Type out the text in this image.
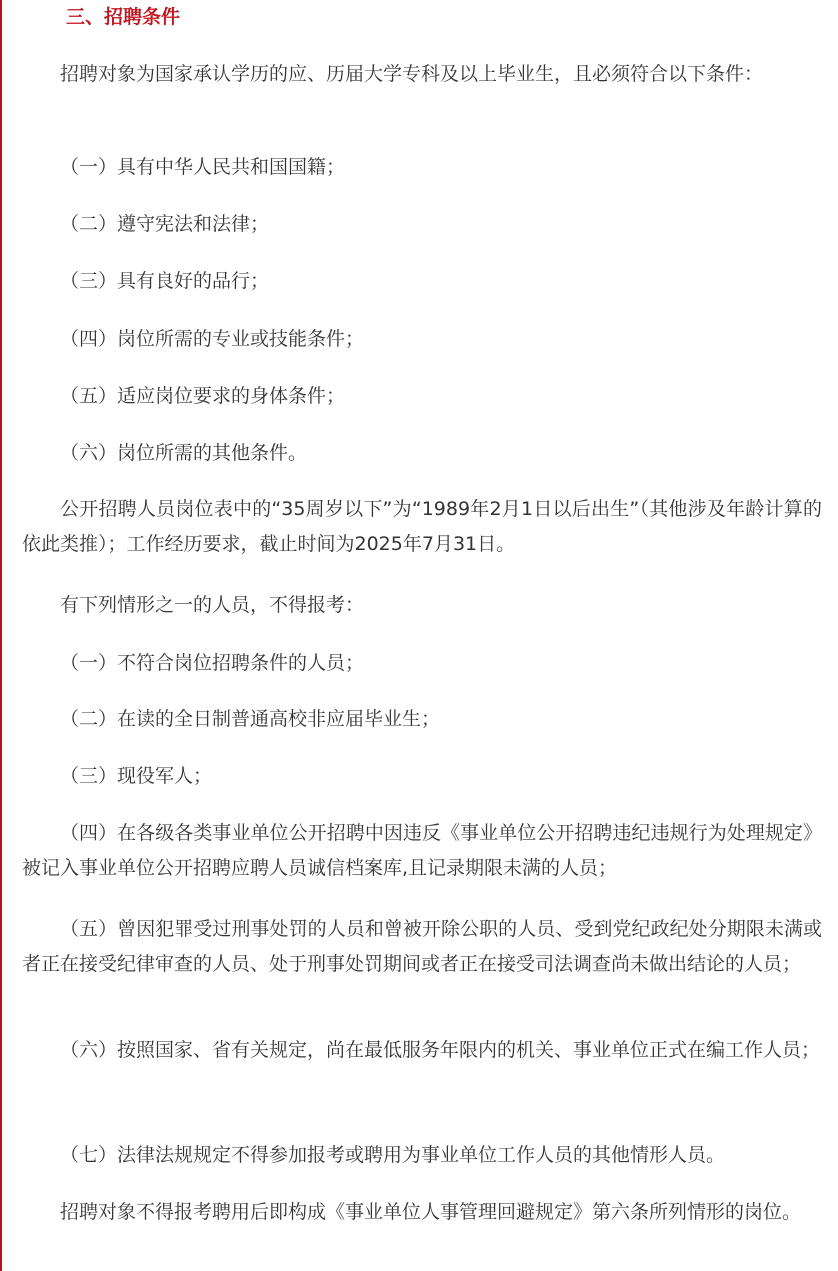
三、招聘条件

招聘对象为国家承认学历的应、历届大学专科及以上毕业生，且必须符合以下条件：

（一）具有中华人民共和国国籍；

（二）遵守宪法和法律；

（三）具有良好的品行；

（四）岗位所需的专业或技能条件；

（五）适应岗位要求的身体条件；

（六）岗位所需的其他条件。

公开招聘人员岗位表中的“35周岁以下”为“1989年2月1日以后出生”（其他涉及年龄计算的依此类推）；工作经历要求，截止时间为2025年7月31日。

有下列情形之一的人员，不得报考：

（一）不符合岗位招聘条件的人员；

（二）在读的全日制普通高校非应届毕业生；

（三）现役军人；

（四）在各级各类事业单位公开招聘中因违反《事业单位公开招聘违纪违规行为处理规定》被记入事业单位公开招聘应聘人员诚信档案库,且记录期限未满的人员；

（五）曾因犯罪受过刑事处罚的人员和曾被开除公职的人员、受到党纪政纪处分期限未满或者正在接受纪律审查的人员、处于刑事处罚期间或者正在接受司法调查尚未做出结论的人员；

（六）按照国家、省有关规定，尚在最低服务年限内的机关、事业单位正式在编工作人员；

（七）法律法规规定不得参加报考或聘用为事业单位工作人员的其他情形人员。

招聘对象不得报考聘用后即构成《事业单位人事管理回避规定》第六条所列情形的岗位。
